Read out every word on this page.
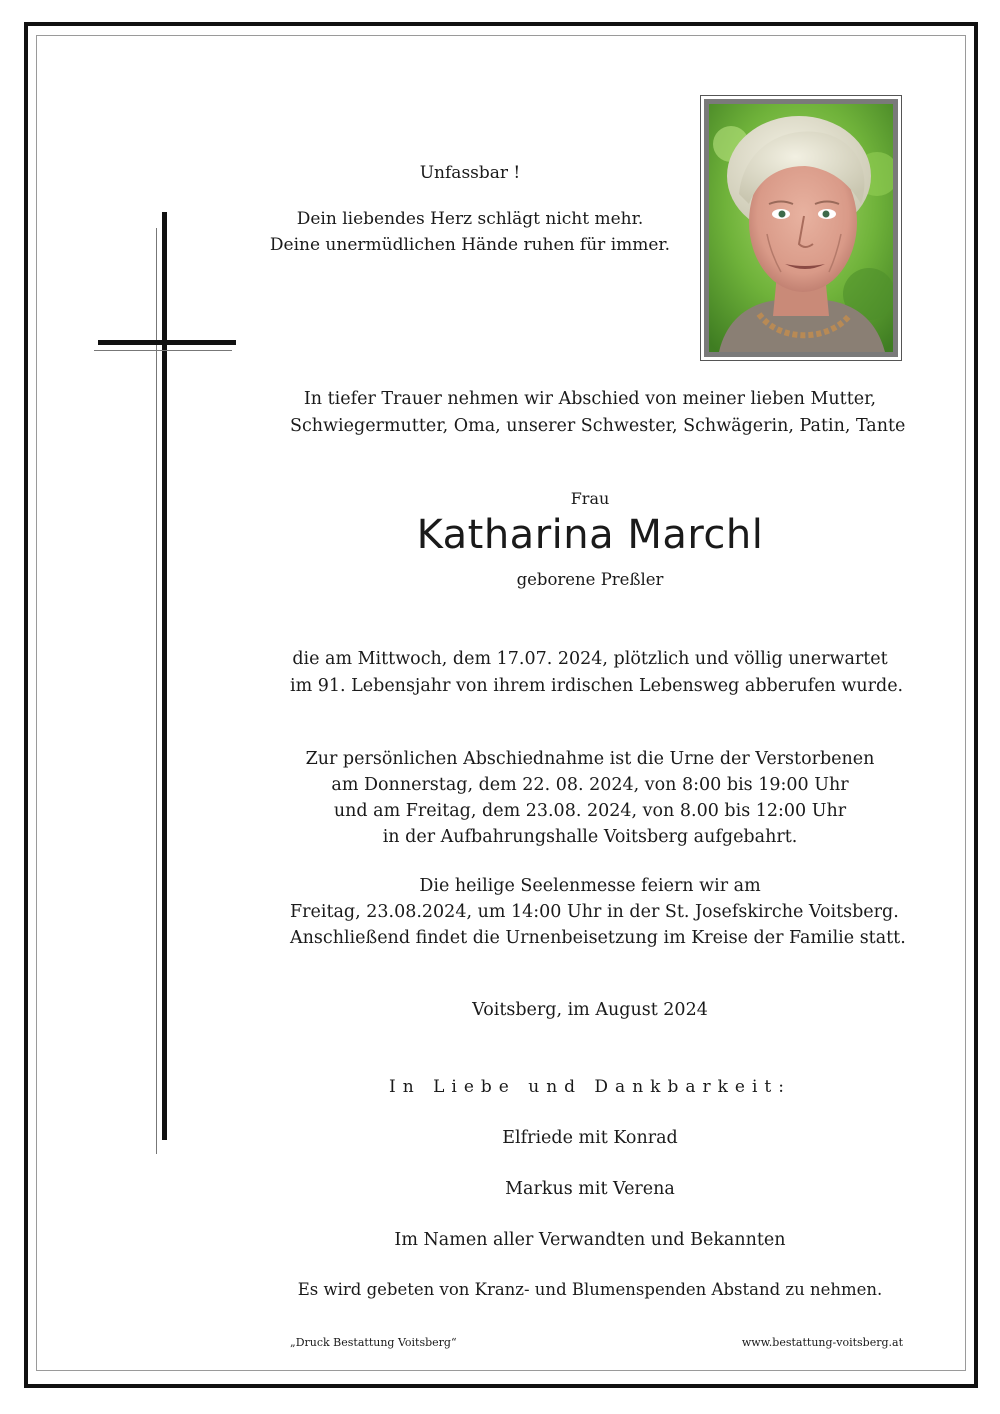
Unfassbar !
Dein liebendes Herz schlägt nicht mehr.
Deine unermüdlichen Hände ruhen für immer.
In tiefer Trauer nehmen wir Abschied von meiner lieben Mutter,
Schwiegermutter, Oma, unserer Schwester, Schwägerin, Patin, Tante
Frau
Katharina Marchl
geborene Preßler
die am Mittwoch, dem 17.07. 2024, plötzlich und völlig unerwartet
im 91. Lebensjahr von ihrem irdischen Lebensweg abberufen wurde.
Zur persönlichen Abschiednahme ist die Urne der Verstorbenen
am Donnerstag, dem 22. 08. 2024, von 8:00 bis 19:00 Uhr
und am Freitag, dem 23.08. 2024, von 8.00 bis 12:00 Uhr
in der Aufbahrungshalle Voitsberg aufgebahrt.
Die heilige Seelenmesse feiern wir am
Freitag, 23.08.2024, um 14:00 Uhr in der St. Josefskirche Voitsberg.
Anschließend findet die Urnenbeisetzung im Kreise der Familie statt.
Voitsberg, im August 2024
In Liebe und Dankbarkeit:
Elfriede mit Konrad
Markus mit Verena
Im Namen aller Verwandten und Bekannten
Es wird gebeten von Kranz- und Blumenspenden Abstand zu nehmen.
„Druck Bestattung Voitsberg“	www.bestattung-voitsberg.at
